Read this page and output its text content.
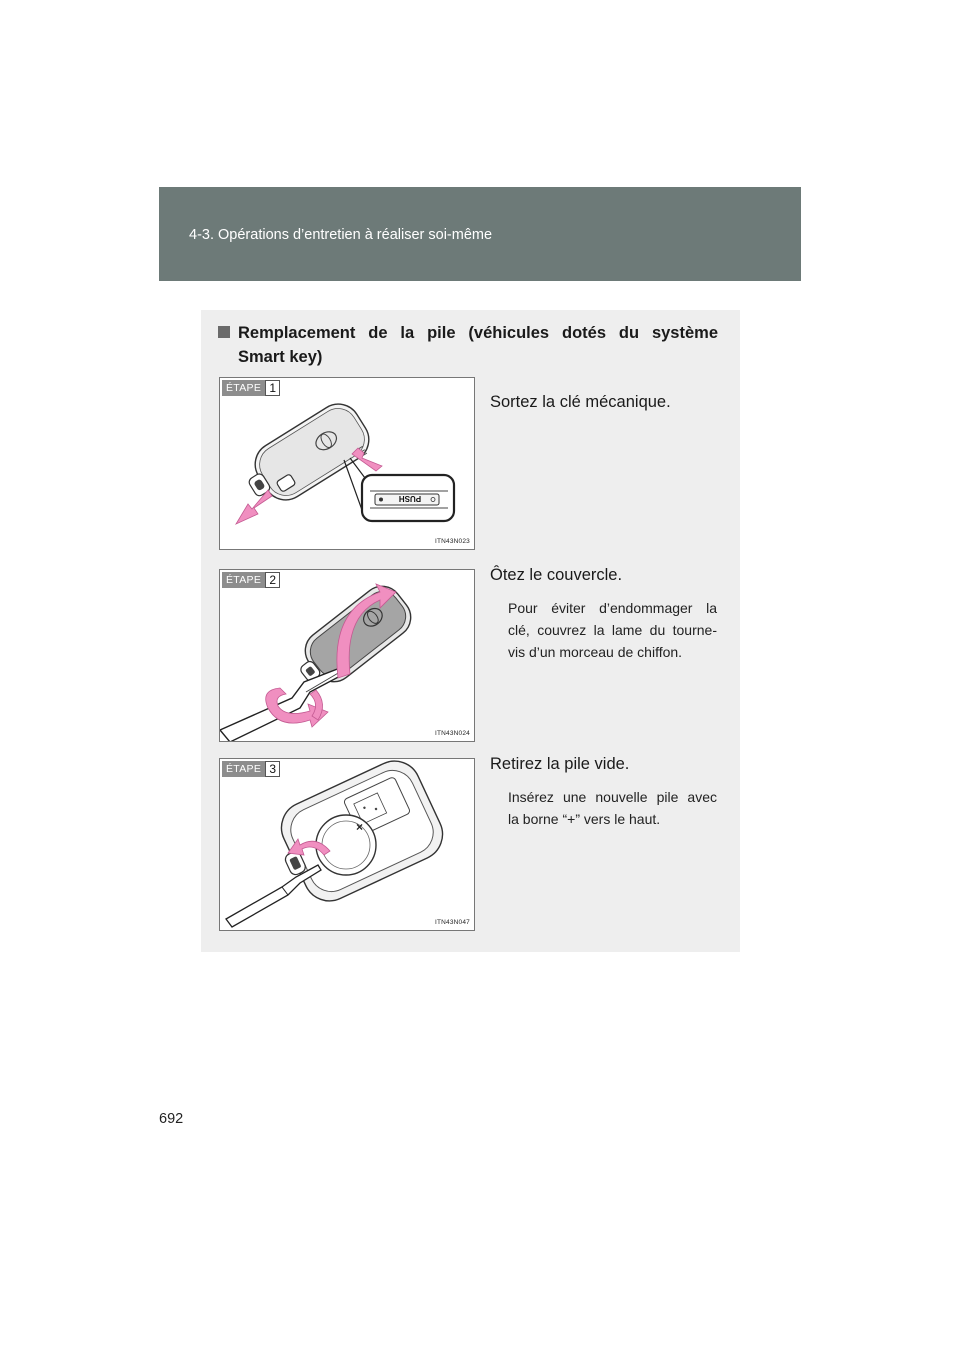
4-3. Opérations d’entretien à réaliser soi-même
Remplacement de la pile (véhicules dotés du système
Smart key)
PUSH
ÉTAPE 1
ITN43N023
Sortez la clé mécanique.
ÉTAPE 2
ITN43N024
Ôtez le couvercle.
Pour éviter d’endommager la
clé, couvrez la lame du tourne-
vis d’un morceau de chiffon.
×
ÉTAPE 3
ITN43N047
Retirez la pile vide.
Insérez une nouvelle pile avec
la borne “+” vers le haut.
692
